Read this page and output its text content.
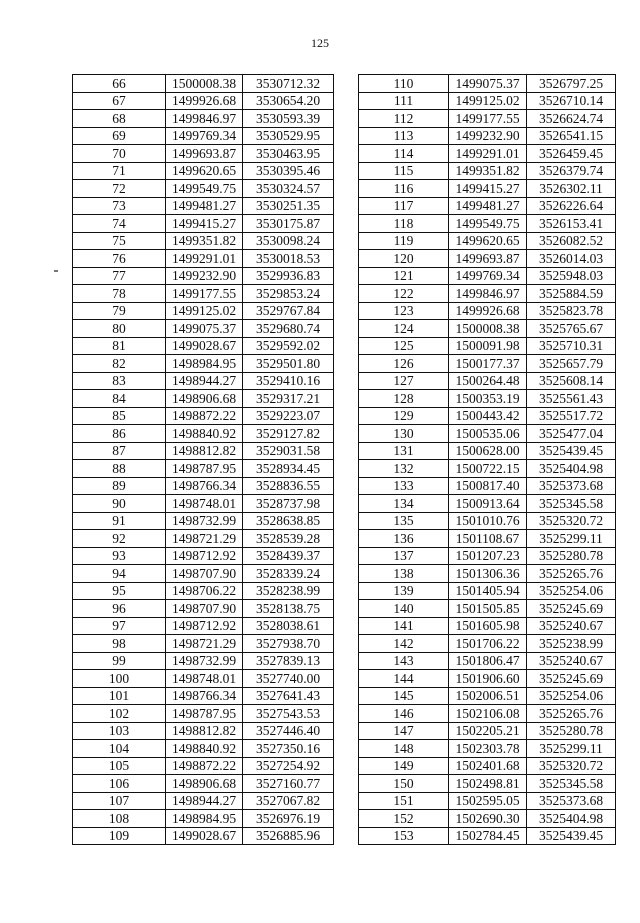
125
66	1500008.38	3530712.32
67	1499926.68	3530654.20
68	1499846.97	3530593.39
69	1499769.34	3530529.95
70	1499693.87	3530463.95
71	1499620.65	3530395.46
72	1499549.75	3530324.57
73	1499481.27	3530251.35
74	1499415.27	3530175.87
75	1499351.82	3530098.24
76	1499291.01	3530018.53
77	1499232.90	3529936.83
78	1499177.55	3529853.24
79	1499125.02	3529767.84
80	1499075.37	3529680.74
81	1499028.67	3529592.02
82	1498984.95	3529501.80
83	1498944.27	3529410.16
84	1498906.68	3529317.21
85	1498872.22	3529223.07
86	1498840.92	3529127.82
87	1498812.82	3529031.58
88	1498787.95	3528934.45
89	1498766.34	3528836.55
90	1498748.01	3528737.98
91	1498732.99	3528638.85
92	1498721.29	3528539.28
93	1498712.92	3528439.37
94	1498707.90	3528339.24
95	1498706.22	3528238.99
96	1498707.90	3528138.75
97	1498712.92	3528038.61
98	1498721.29	3527938.70
99	1498732.99	3527839.13
100	1498748.01	3527740.00
101	1498766.34	3527641.43
102	1498787.95	3527543.53
103	1498812.82	3527446.40
104	1498840.92	3527350.16
105	1498872.22	3527254.92
106	1498906.68	3527160.77
107	1498944.27	3527067.82
108	1498984.95	3526976.19
109	1499028.67	3526885.96
110	1499075.37	3526797.25
111	1499125.02	3526710.14
112	1499177.55	3526624.74
113	1499232.90	3526541.15
114	1499291.01	3526459.45
115	1499351.82	3526379.74
116	1499415.27	3526302.11
117	1499481.27	3526226.64
118	1499549.75	3526153.41
119	1499620.65	3526082.52
120	1499693.87	3526014.03
121	1499769.34	3525948.03
122	1499846.97	3525884.59
123	1499926.68	3525823.78
124	1500008.38	3525765.67
125	1500091.98	3525710.31
126	1500177.37	3525657.79
127	1500264.48	3525608.14
128	1500353.19	3525561.43
129	1500443.42	3525517.72
130	1500535.06	3525477.04
131	1500628.00	3525439.45
132	1500722.15	3525404.98
133	1500817.40	3525373.68
134	1500913.64	3525345.58
135	1501010.76	3525320.72
136	1501108.67	3525299.11
137	1501207.23	3525280.78
138	1501306.36	3525265.76
139	1501405.94	3525254.06
140	1501505.85	3525245.69
141	1501605.98	3525240.67
142	1501706.22	3525238.99
143	1501806.47	3525240.67
144	1501906.60	3525245.69
145	1502006.51	3525254.06
146	1502106.08	3525265.76
147	1502205.21	3525280.78
148	1502303.78	3525299.11
149	1502401.68	3525320.72
150	1502498.81	3525345.58
151	1502595.05	3525373.68
152	1502690.30	3525404.98
153	1502784.45	3525439.45
